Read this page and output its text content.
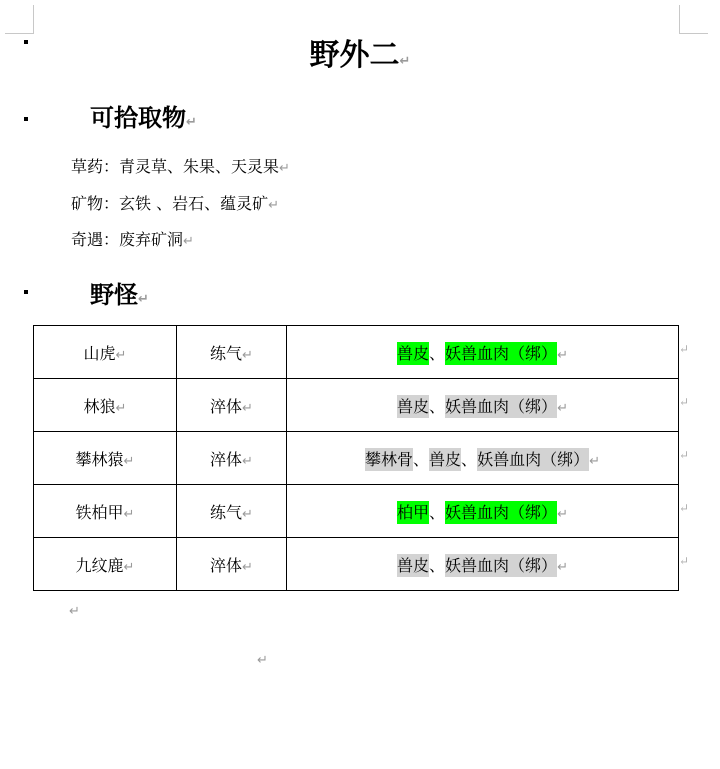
野外二↵
可拾取物↵
草药：青灵草、朱果、天灵果↵
矿物：玄铁 、岩石、蕴灵矿↵
奇遇：废弃矿洞↵
野怪↵
山虎↵	练气↵	兽皮、妖兽血肉（绑）↵
林狼↵	淬体↵	兽皮、妖兽血肉（绑）↵
攀林猿↵	淬体↵	攀林骨、兽皮、妖兽血肉（绑）↵
铁柏甲↵	练气↵	柏甲、妖兽血肉（绑）↵
九纹鹿↵	淬体↵	兽皮、妖兽血肉（绑）↵
↵
↵
↵
↵
↵
↵
↵
